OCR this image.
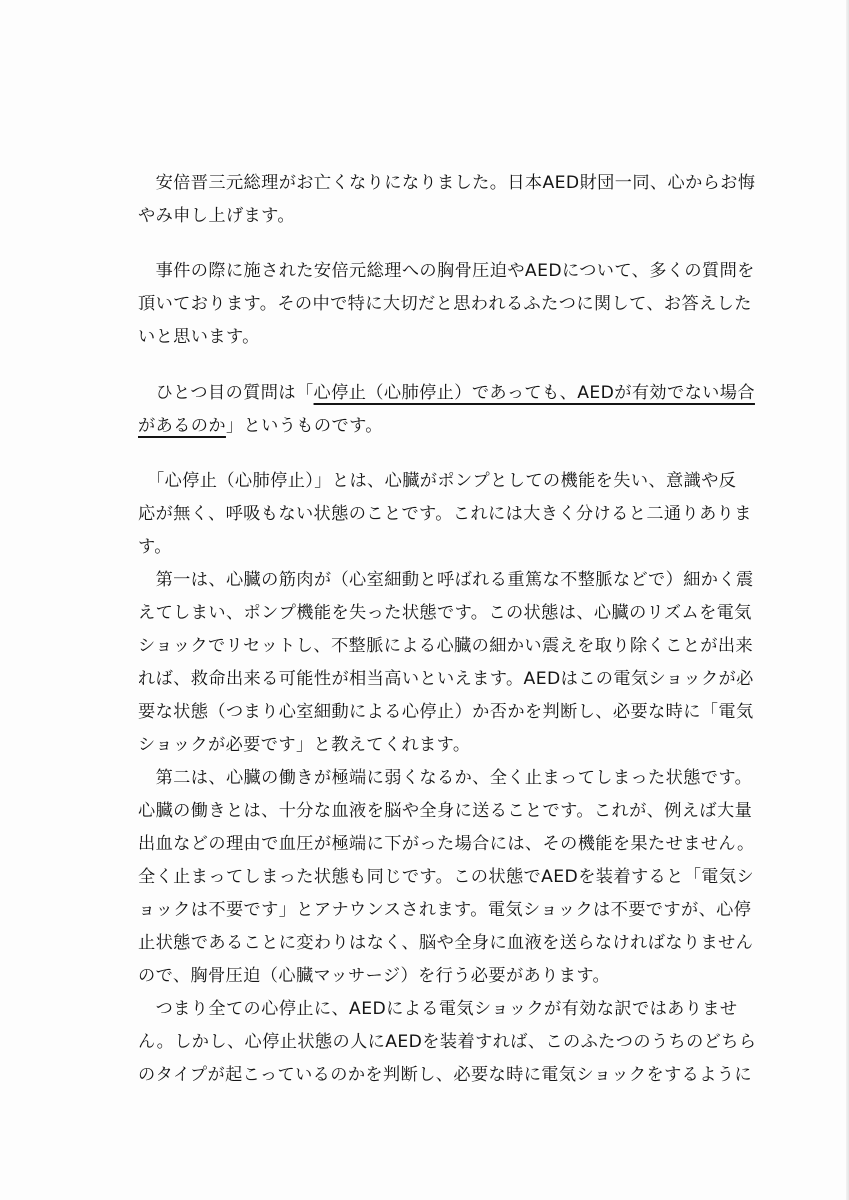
　安倍晋三元総理がお亡くなりになりました。日本AED財団一同、心からお悔
やみ申し上げます。
　事件の際に施された安倍元総理への胸骨圧迫やAEDについて、多くの質問を
頂いております。その中で特に大切だと思われるふたつに関して、お答えした
いと思います。
　ひとつ目の質問は「心停止（心肺停止）であっても、AEDが有効でない場合
があるのか」というものです。
　「心停止（心肺停止）」とは、心臓がポンプとしての機能を失い、意識や反
応が無く、呼吸もない状態のことです。これには大きく分けると二通りありま
す。
　第一は、心臓の筋肉が（心室細動と呼ばれる重篤な不整脈などで）細かく震
えてしまい、ポンプ機能を失った状態です。この状態は、心臓のリズムを電気
ショックでリセットし、不整脈による心臓の細かい震えを取り除くことが出来
れば、救命出来る可能性が相当高いといえます。AEDはこの電気ショックが必
要な状態（つまり心室細動による心停止）か否かを判断し、必要な時に「電気
ショックが必要です」と教えてくれます。
　第二は、心臓の働きが極端に弱くなるか、全く止まってしまった状態です。
心臓の働きとは、十分な血液を脳や全身に送ることです。これが、例えば大量
出血などの理由で血圧が極端に下がった場合には、その機能を果たせません。
全く止まってしまった状態も同じです。この状態でAEDを装着すると「電気シ
ョックは不要です」とアナウンスされます。電気ショックは不要ですが、心停
止状態であることに変わりはなく、脳や全身に血液を送らなければなりません
ので、胸骨圧迫（心臓マッサージ）を行う必要があります。
　つまり全ての心停止に、AEDによる電気ショックが有効な訳ではありませ
ん。しかし、心停止状態の人にAEDを装着すれば、このふたつのうちのどちら
のタイプが起こっているのかを判断し、必要な時に電気ショックをするように
